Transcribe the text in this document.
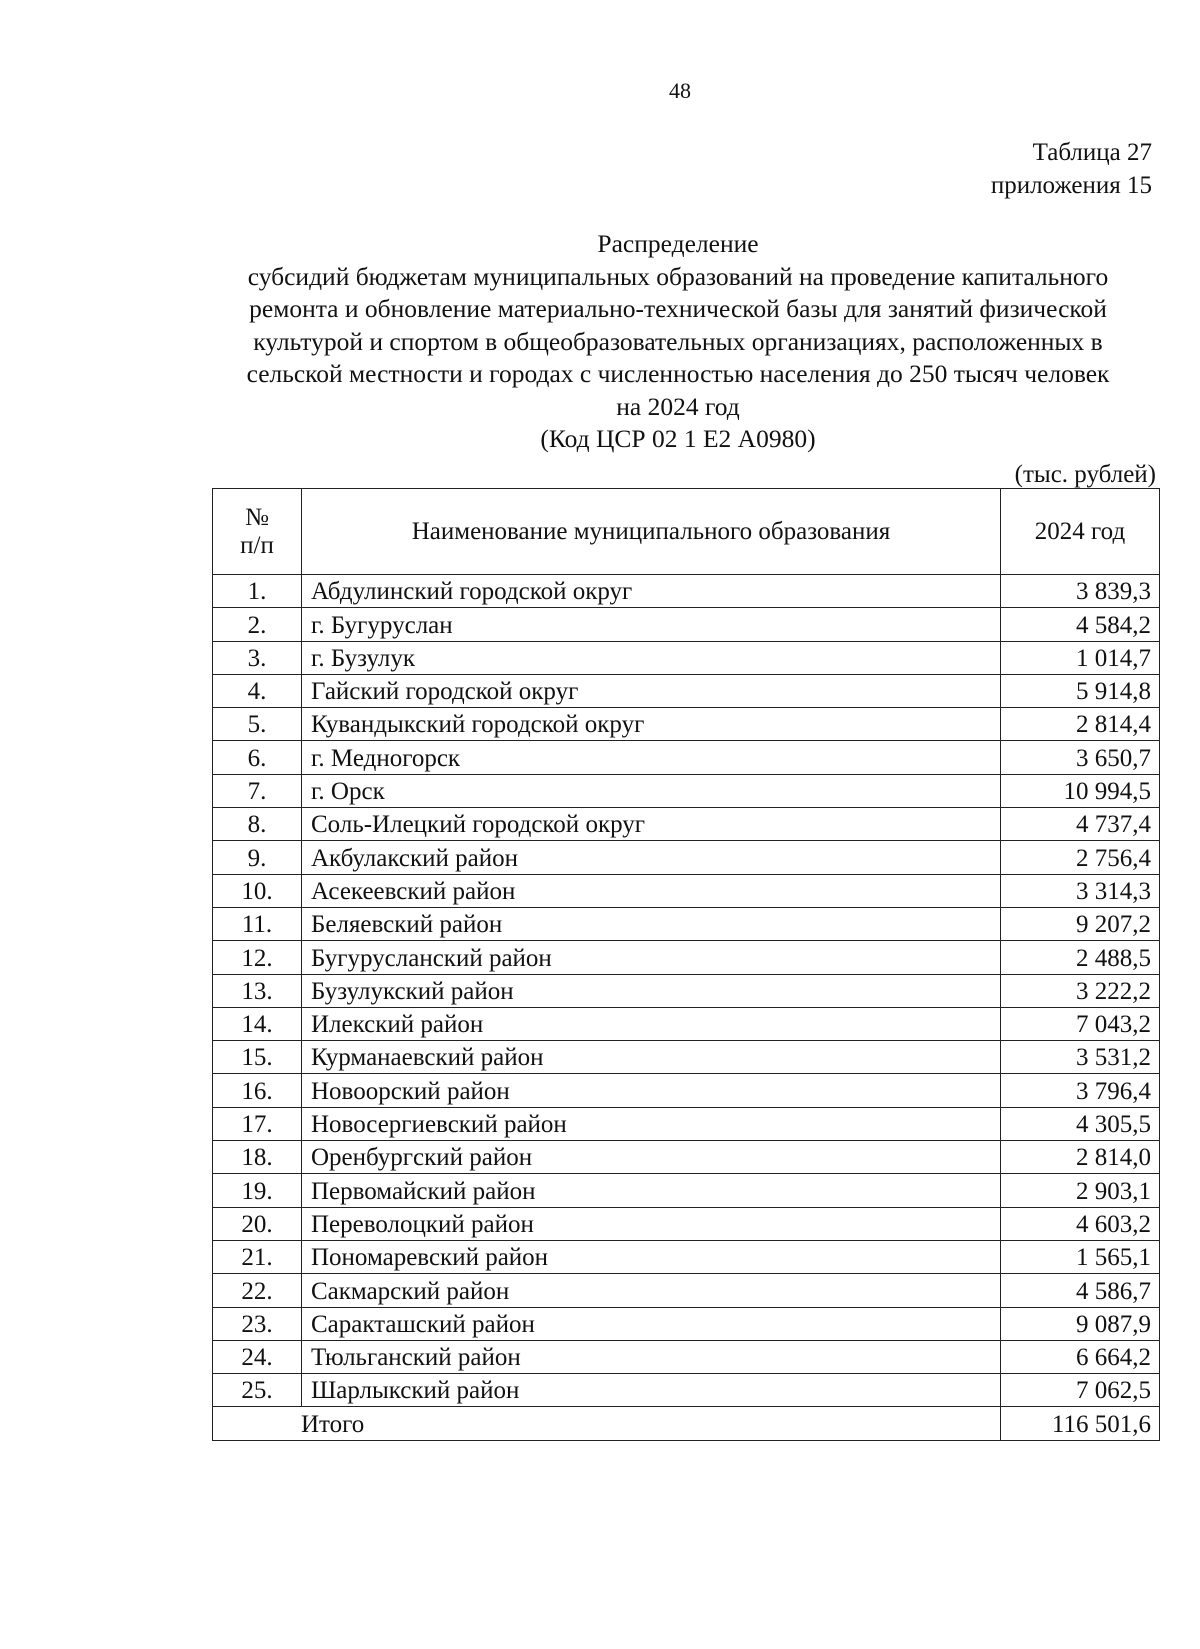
48
Таблица 27
приложения 15
Распределение
субсидий бюджетам муниципальных образований на проведение капитального
ремонта и обновление материально-технической базы для занятий физической
культурой и спортом в общеобразовательных организациях, расположенных в
сельской местности и городах с численностью населения до 250 тысяч человек
на 2024 год
(Код ЦСР 02 1 Е2 А0980)
(тыс. рублей)
№
п/п	Наименование муниципального образования	2024 год
1.	Абдулинский городской округ	3 839,3
2.	г. Бугуруслан	4 584,2
3.	г. Бузулук	1 014,7
4.	Гайский городской округ	5 914,8
5.	Кувандыкский городской округ	2 814,4
6.	г. Медногорск	3 650,7
7.	г. Орск	10 994,5
8.	Соль-Илецкий городской округ	4 737,4
9.	Акбулакский район	2 756,4
10.	Асекеевский район	3 314,3
11.	Беляевский район	9 207,2
12.	Бугурусланский район	2 488,5
13.	Бузулукский район	3 222,2
14.	Илекский район	7 043,2
15.	Курманаевский район	3 531,2
16.	Новоорский район	3 796,4
17.	Новосергиевский район	4 305,5
18.	Оренбургский район	2 814,0
19.	Первомайский район	2 903,1
20.	Переволоцкий район	4 603,2
21.	Пономаревский район	1 565,1
22.	Сакмарский район	4 586,7
23.	Саракташский район	9 087,9
24.	Тюльганский район	6 664,2
25.	Шарлыкский район	7 062,5
Итого		116 501,6
